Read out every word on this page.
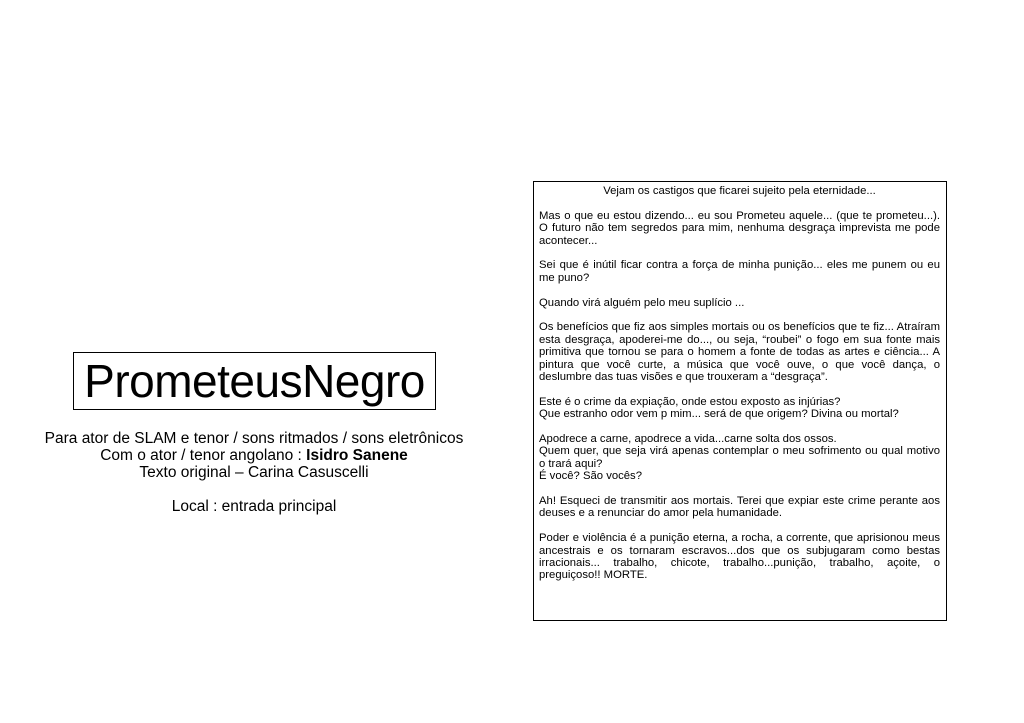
PrometeusNegro
Para ator de SLAM e tenor / sons ritmados / sons eletrônicos
Com o ator / tenor angolano : Isidro Sanene
Texto original – Carina Casuscelli
Local : entrada principal

Vejam os castigos que ficarei sujeito pela eternidade...

Mas o que eu estou dizendo... eu sou Prometeu aquele... (que te prometeu...). O futuro não tem segredos para mim, nenhuma desgraça imprevista me pode acontecer...

Sei que é inútil ficar contra a força de minha punição... eles me punem ou eu me puno?

Quando virá alguém pelo meu suplício ...

Os benefícios que fiz aos simples mortais ou os benefícios que te fiz... Atraíram esta desgraça, apoderei-me do..., ou seja, “roubei” o fogo em sua fonte mais primitiva que tornou se para o homem a fonte de todas as artes e ciência... A pintura que você curte, a música que você ouve, o que você dança, o deslumbre das tuas visões e que trouxeram a “desgraça”.

Este é o crime da expiação, onde estou exposto as injúrias?
Que estranho odor vem p mim... será de que origem? Divina ou mortal?

Apodrece a carne, apodrece a vida...carne solta dos ossos.
Quem quer, que seja virá apenas contemplar o meu sofrimento ou qual motivo o trará aqui?
É você? São vocês?

Ah! Esqueci de transmitir aos mortais. Terei que expiar este crime perante aos deuses e a renunciar do amor pela humanidade.

Poder e violência é a punição eterna, a rocha, a corrente, que aprisionou meus ancestrais e os tornaram escravos...dos que os subjugaram como bestas irracionais... trabalho, chicote, trabalho...punição, trabalho, açoite, o preguiçoso!! MORTE.
